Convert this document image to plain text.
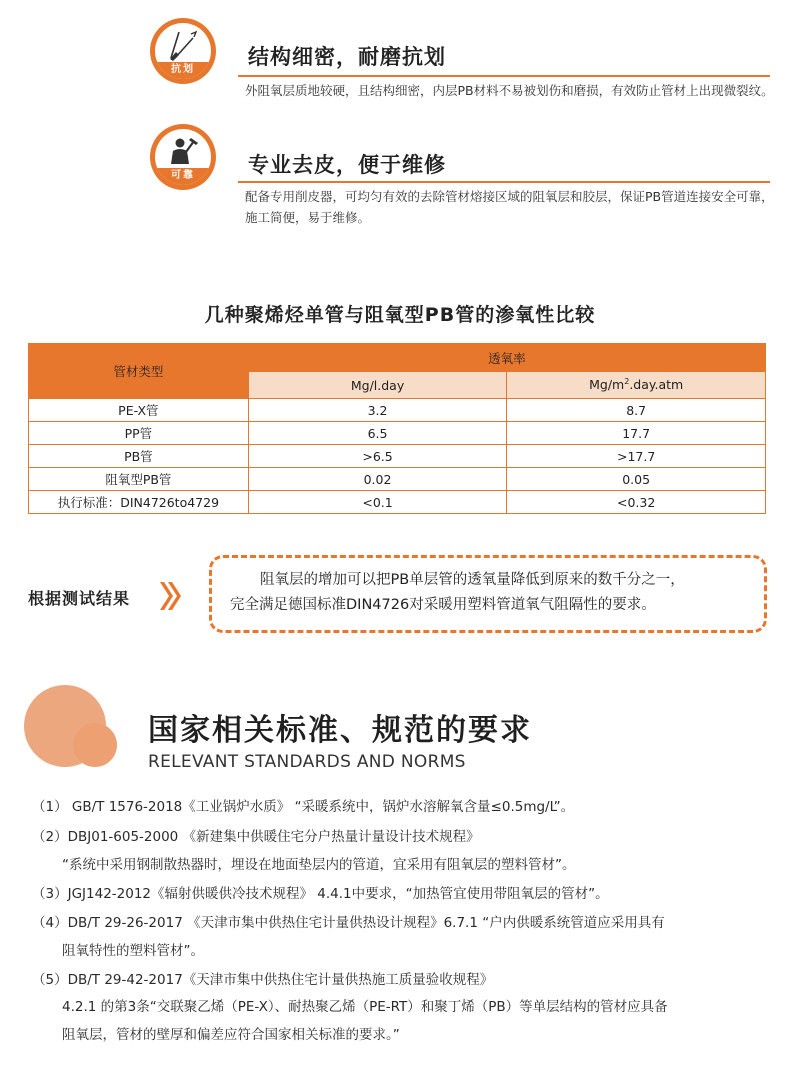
抗划
结构细密，耐磨抗划
外阻氧层质地较硬，且结构细密，内层PB材料不易被划伤和磨损，有效防止管材上出现微裂纹。
可靠	专业去皮，便于维修
配备专用削皮器，可均匀有效的去除管材熔接区域的阻氧层和胶层，保证PB管道连接安全可靠，施工简便，易于维修。
几种聚烯烃单管与阻氧型PB管的渗氧性比较
管材类型	透氧率	
	Mg/l.day	$Mg/m^2.day.atm$
PE-X管	3.2	8.7
PP管	6.5	17.7
PB管	>6.5	>17.7
阻氧型PB管	0.02	0.05
执行标准：DIN4726to4729	<0.1	<0.32
根据测试结果

阻氧层的增加可以把PB单层管的透氧量降低到原来的数千分之一，

完全满足德国标准DIN4726对采暖用塑料管道氧气阻隔性的要求。

国家相关标准、规范的要求
RELEVANT STANDARDS AND NORMS
（1） GB/T 1576-2018《工业锅炉水质》 “采暖系统中，锅炉水溶解氧含量≤0.5mg/L”。
（2）DBJ01-605-2000 《新建集中供暖住宅分户热量计量设计技术规程》
“系统中采用钢制散热器时，埋设在地面垫层内的管道，宜采用有阻氧层的塑料管材”。
（3）JGJ142-2012《辐射供暖供冷技术规程》 4.4.1中要求，“加热管宜使用带阻氧层的管材”。
（4）DB/T 29-26-2017 《天津市集中供热住宅计量供热设计规程》6.7.1 “户内供暖系统管道应采用具有
阻氧特性的塑料管材”。
（5）DB/T 29-42-2017《天津市集中供热住宅计量供热施工质量验收规程》
4.2.1 的第3条“交联聚乙烯（PE-X）、耐热聚乙烯（PE-RT）和聚丁烯（PB）等单层结构的管材应具备
阻氧层，管材的壁厚和偏差应符合国家相关标准的要求。”
